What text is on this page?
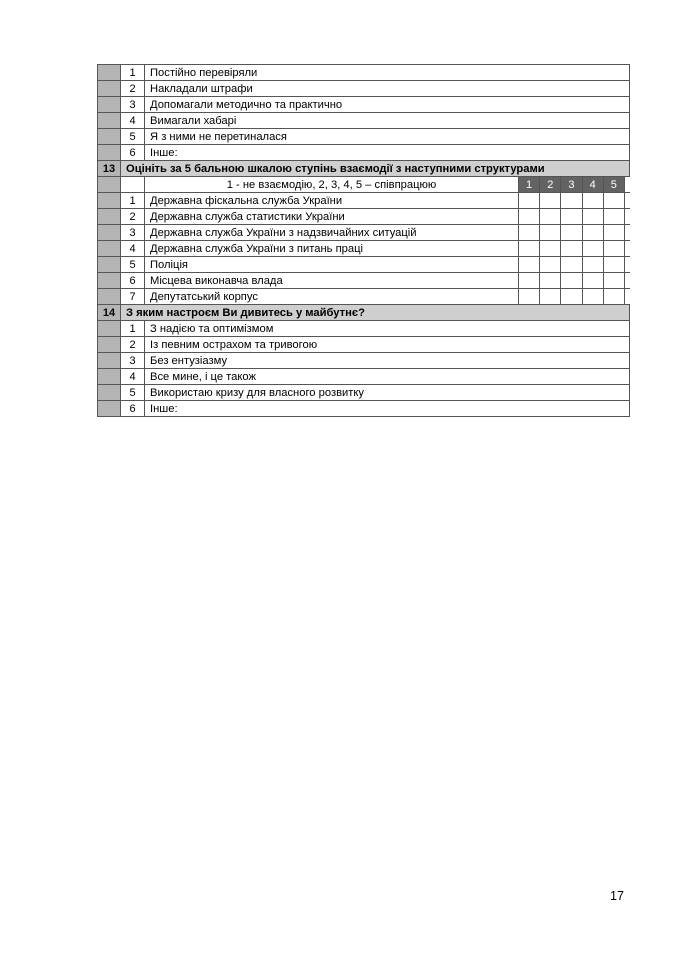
1	Постійно перевіряли
2	Накладали штрафи
3	Допомагали методично та практично
4	Вимагали хабарі
5	Я з ними не перетиналася
6	Інше:
13 Оцініть за 5 бальною шкалою ступінь взаємодії з наступними структурами
1 - не взаємодію, 2, 3, 4, 5 – співпрацюю	1	2	3	4	5
1	Державна фіскальна служба України
2	Державна служба статистики України
3	Державна служба України з надзвичайних ситуацій
4	Державна служба України з питань праці
5	Поліція
6	Місцева виконавча влада
7	Депутатський корпус
14 З яким настроєм Ви дивитесь у майбутнє?
1	З надією та оптимізмом
2	Із певним острахом та тривогою
3	Без ентузіазму
4	Все мине, і це також
5	Використаю кризу для власного розвитку
6	Інше:
17
